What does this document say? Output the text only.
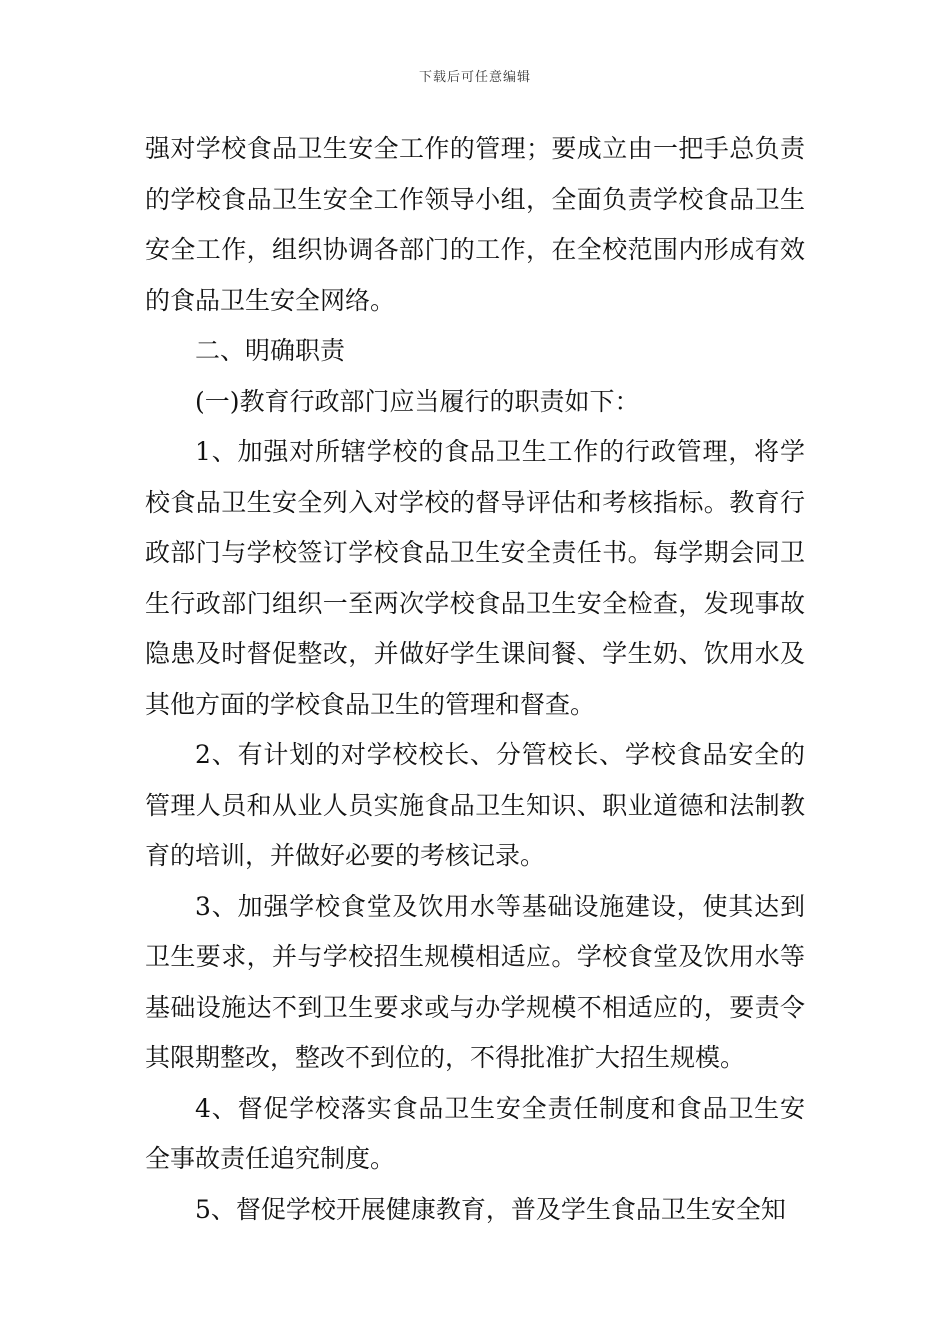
下载后可任意编辑

强对学校食品卫生安全工作的管理；要成立由一把手总负责的学校食品卫生安全工作领导小组，全面负责学校食品卫生安全工作，组织协调各部门的工作，在全校范围内形成有效的食品卫生安全网络。

二、明确职责

(一)教育行政部门应当履行的职责如下：

1、加强对所辖学校的食品卫生工作的行政管理，将学校食品卫生安全列入对学校的督导评估和考核指标。教育行政部门与学校签订学校食品卫生安全责任书。每学期会同卫生行政部门组织一至两次学校食品卫生安全检查，发现事故隐患及时督促整改，并做好学生课间餐、学生奶、饮用水及其他方面的学校食品卫生的管理和督查。

2、有计划的对学校校长、分管校长、学校食品安全的管理人员和从业人员实施食品卫生知识、职业道德和法制教育的培训，并做好必要的考核记录。

3、加强学校食堂及饮用水等基础设施建设，使其达到卫生要求，并与学校招生规模相适应。学校食堂及饮用水等基础设施达不到卫生要求或与办学规模不相适应的，要责令其限期整改，整改不到位的，不得批准扩大招生规模。

4、督促学校落实食品卫生安全责任制度和食品卫生安全事故责任追究制度。

5、督促学校开展健康教育，普及学生食品卫生安全知
